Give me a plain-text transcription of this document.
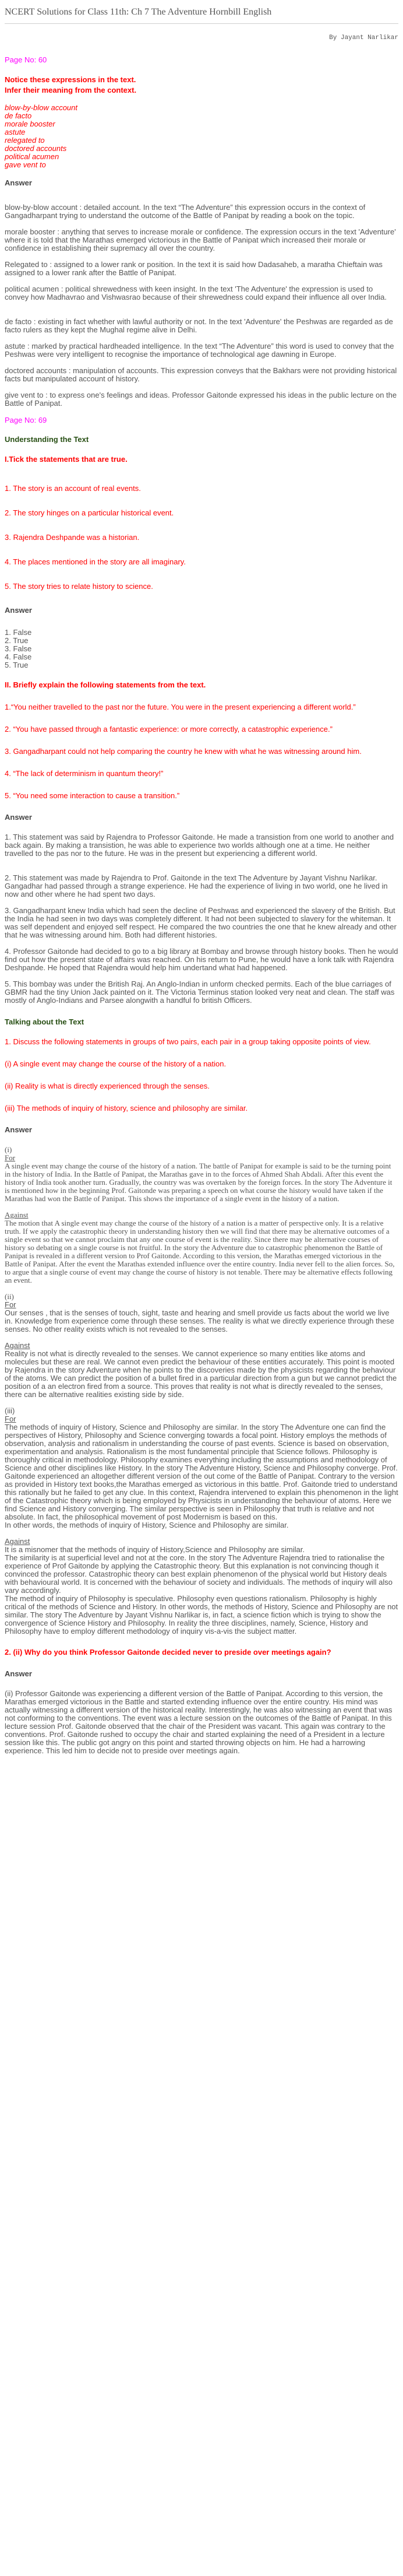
NCERT Solutions for Class 11th: Ch 7 The Adventure Hornbill English
By Jayant Narlikar
Page No: 60
Notice these expressions in the text.
Infer their meaning from the context.
blow-by-blow account
de facto
morale booster
astute
relegated to
doctored accounts
political acumen
gave vent to
Answer
blow-by-blow account : detailed account. In the text “The Adventure” this expression occurs in the context of Gangadharpant trying to understand the outcome of the Battle of Panipat by reading a book on the topic.
morale booster : anything that serves to increase morale or confidence. The expression occurs in the text 'Adventure' where it is told that the Marathas emerged victorious in the Battle of Panipat which increased their morale or confidence in establishing their supremacy all over the country.
Relegated to : assigned to a lower rank or position. In the text it is said how Dadasaheb, a maratha Chieftain was assigned to a lower rank after the Battle of Panipat.
political acumen : political shrewedness with keen insight. In the text 'The Adventure' the expression is used to convey how Madhavrao and Vishwasrao because of their shrewedness could expand their influence all over India.
de facto : existing in fact whether with lawful authority or not. In the text 'Adventure' the Peshwas are regarded as de facto rulers as they kept the Mughal regime alive in Delhi.
astute : marked by practical hardheaded intelligence. In the text “The Adventure” this word is used to convey that the Peshwas were very intelligent to recognise the importance of technological age dawning in Europe.
doctored accounts : manipulation of accounts. This expression conveys that the Bakhars were not providing historical facts but manipulated account of history.
give vent to : to express one's feelings and ideas. Professor Gaitonde expressed his ideas in the public lecture on the Battle of Panipat.
Page No: 69
Understanding the Text
I.Tick the statements that are true.
1. The story is an account of real events.
2. The story hinges on a particular historical event.
3. Rajendra Deshpande was a historian.
4. The places mentioned in the story are all imaginary.
5. The story tries to relate history to science.
Answer
1. False
2. True
3. False
4. False
5. True
II. Briefly explain the following statements from the text.
1.“You neither travelled to the past nor the future. You were in the present experiencing a different world.”
2. “You have passed through a fantastic experience: or more correctly, a catastrophic experience.”
3. Gangadharpant could not help comparing the country he knew with what he was witnessing around him.
4. “The lack of determinism in quantum theory!”
5. “You need some interaction to cause a transition.”
Answer
1. This statement was said by Rajendra to Professor Gaitonde. He made a transistion from one world to another and back again. By making a transistion, he was able to experience two worlds although one at a time. He neither travelled to the pas nor to the future. He was in the present but experiencing a different world.
2. This statement was made by Rajendra to Prof. Gaitonde in the text The Adventure by Jayant Vishnu Narlikar. Gangadhar had passed through a strange experience. He had the experience of living in two world, one he lived in now and other where he had spent two days.
3. Gangadharpant knew India which had seen the decline of Peshwas and experienced the slavery of the British. But the India he had seen in two days was completely different. It had not been subjected to slavery for the whiteman. It was self dependent and enjoyed self respect. He compared the two countries the one that he knew already and other that he was witnessing around him. Both had different histories.
4. Professor Gaitonde had decided to go to a big library at Bombay and browse through history books. Then he would find out how the present state of affairs was reached. On his return to Pune, he would have a lonk talk with Rajendra Deshpande. He hoped that Rajendra would help him undertand what had happened.
5. This bombay was under the British Raj. An Anglo-Indian in unform checked permits. Each of the blue carriages of GBMR had the tiny Union Jack painted on it. The Victoria Terminus station looked very neat and clean. The staff was mostly of Anglo-Indians and Parsee alongwith a handful fo british Officers.
Talking about the Text
1. Discuss the following statements in groups of two pairs, each pair in a group taking opposite points of view.
(i) A single event may change the course of the history of a nation.
(ii) Reality is what is directly experienced through the senses.
(iii) The methods of inquiry of history, science and philosophy are similar.
Answer
(i)
For
A single event may change the course of the history of a nation. The battle of Panipat for example is said to be the turning point in the history of India. In the Battle of Panipat, the Marathas gave in to the forces of Ahmed Shah Abdali. After this event the history of India took another turn. Gradually, the country was was overtaken by the foreign forces. In the story The Adventure it is mentioned how in the beginning Prof. Gaitonde was preparing a speech on what course the history would have taken if the Marathas had won the Battle of Panipat. This shows the importance of a single event in the history of a nation.
Against
The motion that A single event may change the course of the history of a nation is a matter of perspective only. It is a relative truth. If we apply the catastrophic theory in understanding history then we will find that there may be alternative outcomes of a single event so that we cannot proclaim that any one course of event is the reality. Since there may be alternative courses of history so debating on a single course is not fruitful. In the story the Adventure due to catastrophic phenomenon the Battle of Panipat is revealed in a different version to Prof Gaitonde. According to this version, the Marathas emerged victorious in the Battle of Panipat. After the event the Marathas extended influence over the entire country. India never fell to the alien forces. So, to argue that a single course of event may change the course of history is not tenable. There may be alternative effects following an event.
(ii)
For
Our senses , that is the senses of touch, sight, taste and hearing and smell provide us facts about the world we live in. Knowledge from experience come through these senses. The reality is what we directly experience through these senses. No other reality exists which is not revealed to the senses.
Against
Reality is not what is directly revealed to the senses. We cannot experience so many entities like atoms and molecules but these are real. We cannot even predict the behaviour of these entities accurately. This point is mooted by Rajendra in the story Adventure when he points to the discoveries made by the physicists regarding the behaviour of the atoms. We can predict the position of a bullet fired in a particular direction from a gun but we cannot predict the position of a an electron fired from a source. This proves that reality is not what is directly revealed to the senses, there can be alternative realities existing side by side.
(iii)
For
The methods of inquiry of History, Science and Philosophy are similar. In the story The Adventure one can find the perspectives of History, Philosophy and Science converging towards a focal point. History employs the methods of observation, analysis and rationalism in understanding the course of past events. Science is based on observation, experimentation and analysis. Rationalism is the most fundamental principle that Science follows. Philosophy is thoroughly critical in methodology. Philosophy examines everything including the assumptions and methodology of Science and other disciplines like History. In the story The Adventure History, Science and Philosophy converge. Prof. Gaitonde experienced an altogether different version of the out come of the Battle of Panipat. Contrary to the version as provided in History text books,the Marathas emerged as victorious in this battle. Prof. Gaitonde tried to understand this rationally but he failed to get any clue. In this context, Rajendra intervened to explain this phenomenon in the light of the Catastrophic theory which is being employed by Physicists in understanding the behaviour of atoms. Here we find Science and History converging. The similar perspective is seen in Philosophy that truth is relative and not absolute. In fact, the philosophical movement of post Modernism is based on this.
In other words, the methods of inquiry of History, Science and Philosophy are similar.
Against
It is a misnomer that the methods of inquiry of History,Science and Philosophy are similar.
The similarity is at superficial level and not at the core. In the story The Adventure Rajendra tried to rationalise the experience of Prof Gaitonde by applying the Catastrophic theory. But this explanation is not convincing though it convinced the professor. Catastrophic theory can best explain phenomenon of the physical world but History deals with behavioural world. It is concerned with the behaviour of society and individuals. The methods of inquiry will also vary accordingly.
The method of inquiry of Philosophy is speculative. Philosophy even questions rationalism. Philosophy is highly critical of the methods of Science and History. In other words, the methods of History, Science and Philosophy are not similar. The story The Adventure by Jayant Vishnu Narlikar is, in fact, a science fiction which is trying to show the convergence of Science History and Philosophy. In reality the three disciplines, namely, Science, History and Philosophy have to employ different methodology of inquiry vis-a-vis the subject matter.
2. (ii) Why do you think Professor Gaitonde decided never to preside over meetings again?
Answer
(ii) Professor Gaitonde was experiencing a different version of the Battle of Panipat. According to this version, the Marathas emerged victorious in the Battle and started extending influence over the entire country. His mind was actually witnessing a different version of the historical reality. Interestingly, he was also witnessing an event that was not conforming to the conventions. The event was a lecture session on the outcomes of the Battle of Panipat. In this lecture session Prof. Gaitonde observed that the chair of the President was vacant. This again was contrary to the conventions. Prof. Gaitonde rushed to occupy the chair and started explaining the need of a President in a lecture session like this. The public got angry on this point and started throwing objects on him. He had a harrowing experience. This led him to decide not to preside over meetings again.
